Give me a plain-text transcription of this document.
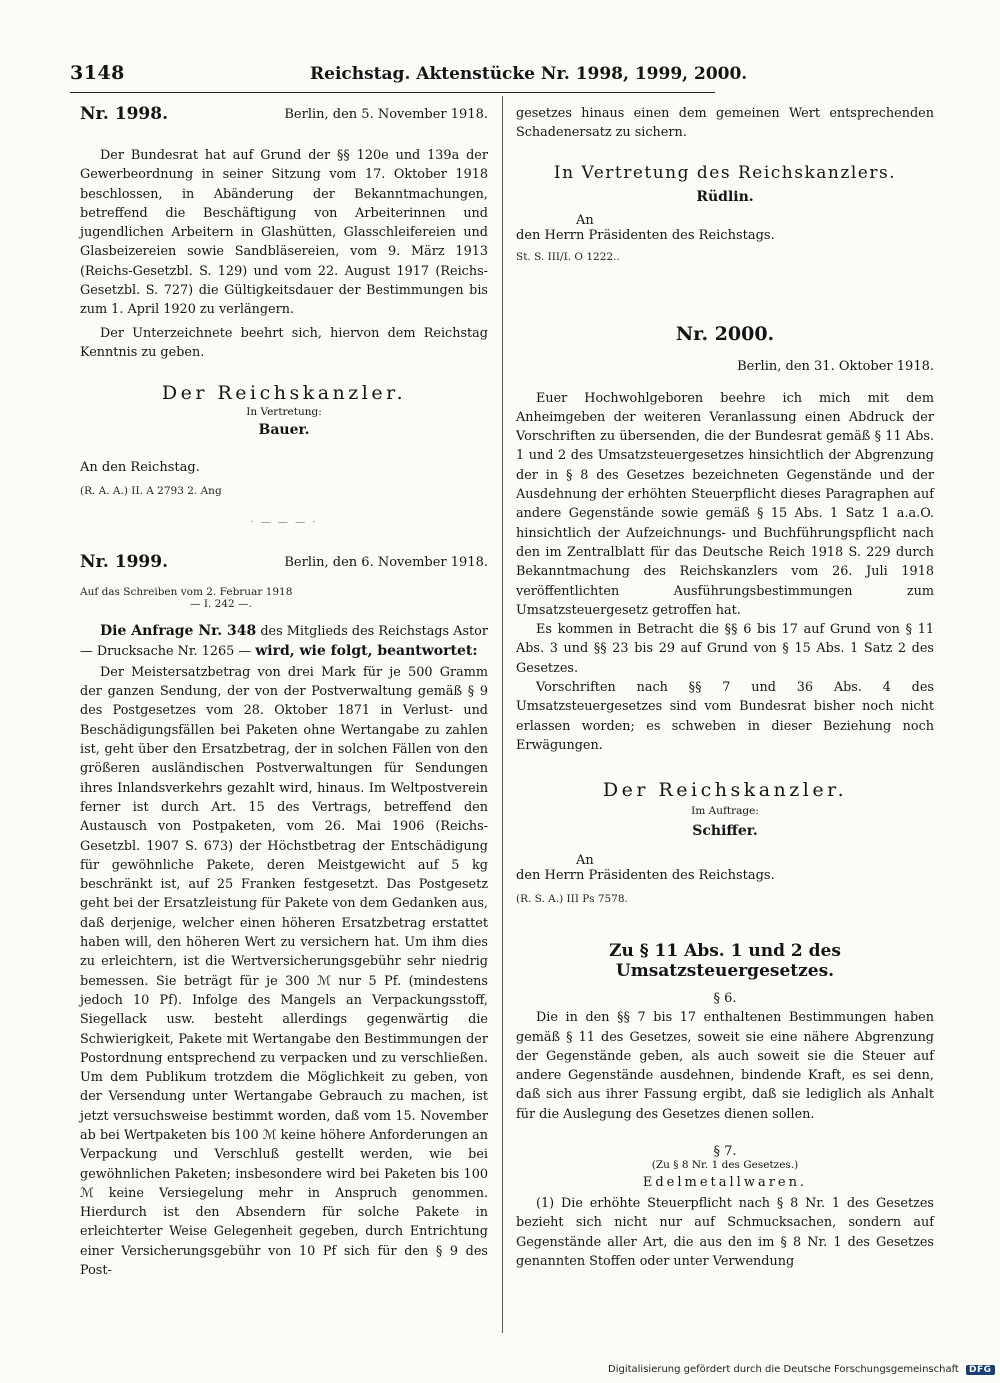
3148	Reichstag. Aktenstücke Nr. 1998, 1999, 2000.
Nr. 1998.	Berlin, den 5. November 1918.

Der Bundesrat hat auf Grund der §§ 120e und 139a der Gewerbeordnung in seiner Sitzung vom 17. Oktober 1918 beschlossen, in Abänderung der Bekanntmachungen, betreffend die Beschäftigung von Arbeiterinnen und jugendlichen Arbeitern in Glashütten, Glasschleifereien und Glasbeizereien sowie Sandbläsereien, vom 9. März 1913 (Reichs-Gesetzbl. S. 129) und vom 22. August 1917 (Reichs-Gesetzbl. S. 727) die Gültigkeitsdauer der Bestimmungen bis zum 1. April 1920 zu verlängern.

Der Unterzeichnete beehrt sich, hiervon dem Reichstag Kenntnis zu geben.

Der Reichskanzler.
In Vertretung:
Bauer.
An den Reichstag.
(R. A. A.) II. A 2793 2. Ang
· — — — ·
Nr. 1999.	Berlin, den 6. November 1918.
Auf das Schreiben vom 2. Februar 1918
— I. 242 —.

Die Anfrage Nr. 348 des Mitglieds des Reichstags Astor — Drucksache Nr. 1265 — wird, wie folgt, beantwortet:

Der Meistersatzbetrag von drei Mark für je 500 Gramm der ganzen Sendung, der von der Postverwaltung gemäß § 9 des Postgesetzes vom 28. Oktober 1871 in Verlust- und Beschädigungsfällen bei Paketen ohne Wertangabe zu zahlen ist, geht über den Ersatzbetrag, der in solchen Fällen von den größeren ausländischen Postverwaltungen für Sendungen ihres Inlandsverkehrs gezahlt wird, hinaus. Im Weltpostverein ferner ist durch Art. 15 des Vertrags, betreffend den Austausch von Postpaketen, vom 26. Mai 1906 (Reichs-Gesetzbl. 1907 S. 673) der Höchstbetrag der Entschädigung für gewöhnliche Pakete, deren Meistgewicht auf 5 kg beschränkt ist, auf 25 Franken festgesetzt. Das Postgesetz geht bei der Ersatzleistung für Pakete von dem Gedanken aus, daß derjenige, welcher einen höheren Ersatzbetrag erstattet haben will, den höheren Wert zu versichern hat. Um ihm dies zu erleichtern, ist die Wertversicherungsgebühr sehr niedrig bemessen. Sie beträgt für je 300 ℳ nur 5 Pf. (mindestens jedoch 10 Pf). Infolge des Mangels an Verpackungsstoff, Siegellack usw. besteht allerdings gegenwärtig die Schwierigkeit, Pakete mit Wertangabe den Bestimmungen der Postordnung entsprechend zu verpacken und zu verschließen. Um dem Publikum trotzdem die Möglichkeit zu geben, von der Versendung unter Wertangabe Gebrauch zu machen, ist jetzt versuchsweise bestimmt worden, daß vom 15. November ab bei Wertpaketen bis 100 ℳ keine höhere Anforderungen an Verpackung und Verschluß gestellt werden, wie bei gewöhnlichen Paketen; insbesondere wird bei Paketen bis 100 ℳ keine Versiegelung mehr in Anspruch genommen. Hierdurch ist den Absendern für solche Pakete in erleichterter Weise Gelegenheit gegeben, durch Entrichtung einer Versicherungsgebühr von 10 Pf sich für den § 9 des Post-

gesetzes hinaus einen dem gemeinen Wert entsprechenden Schadenersatz zu sichern.

In Vertretung des Reichskanzlers.
Rüdlin.
An
den Herrn Präsidenten des Reichstags.
St. S. III/I. O 1222..
Nr. 2000.
Berlin, den 31. Oktober 1918.

Euer Hochwohlgeboren beehre ich mich mit dem Anheimgeben der weiteren Veranlassung einen Abdruck der Vorschriften zu übersenden, die der Bundesrat gemäß § 11 Abs. 1 und 2 des Umsatzsteuergesetzes hinsichtlich der Abgrenzung der in § 8 des Gesetzes bezeichneten Gegenstände und der Ausdehnung der erhöhten Steuerpflicht dieses Paragraphen auf andere Gegenstände sowie gemäß § 15 Abs. 1 Satz 1 a.a.O. hinsichtlich der Aufzeichnungs- und Buchführungspflicht nach den im Zentralblatt für das Deutsche Reich 1918 S. 229 durch Bekanntmachung des Reichskanzlers vom 26. Juli 1918 veröffentlichten Ausführungsbestimmungen zum Umsatzsteuergesetz getroffen hat.

Es kommen in Betracht die §§ 6 bis 17 auf Grund von § 11 Abs. 3 und §§ 23 bis 29 auf Grund von § 15 Abs. 1 Satz 2 des Gesetzes.

Vorschriften nach §§ 7 und 36 Abs. 4 des Umsatzsteuergesetzes sind vom Bundesrat bisher noch nicht erlassen worden; es schweben in dieser Beziehung noch Erwägungen.

Der Reichskanzler.
Im Auftrage:
Schiffer.
An
den Herrn Präsidenten des Reichstags.
(R. S. A.) III Ps 7578.
Zu § 11 Abs. 1 und 2 des Umsatzsteuergesetzes.
§ 6.

Die in den §§ 7 bis 17 enthaltenen Bestimmungen haben gemäß § 11 des Gesetzes, soweit sie eine nähere Abgrenzung der Gegenstände geben, als auch soweit sie die Steuer auf andere Gegenstände ausdehnen, bindende Kraft, es sei denn, daß sich aus ihrer Fassung ergibt, daß sie lediglich als Anhalt für die Auslegung des Gesetzes dienen sollen.

§ 7.
(Zu § 8 Nr. 1 des Gesetzes.)
Edelmetallwaren.

(1) Die erhöhte Steuerpflicht nach § 8 Nr. 1 des Gesetzes bezieht sich nicht nur auf Schmucksachen, sondern auf Gegenstände aller Art, die aus den im § 8 Nr. 1 des Gesetzes genannten Stoffen oder unter Verwendung

Digitalisierung gefördert durch die Deutsche Forschungsgemeinschaft DFG
